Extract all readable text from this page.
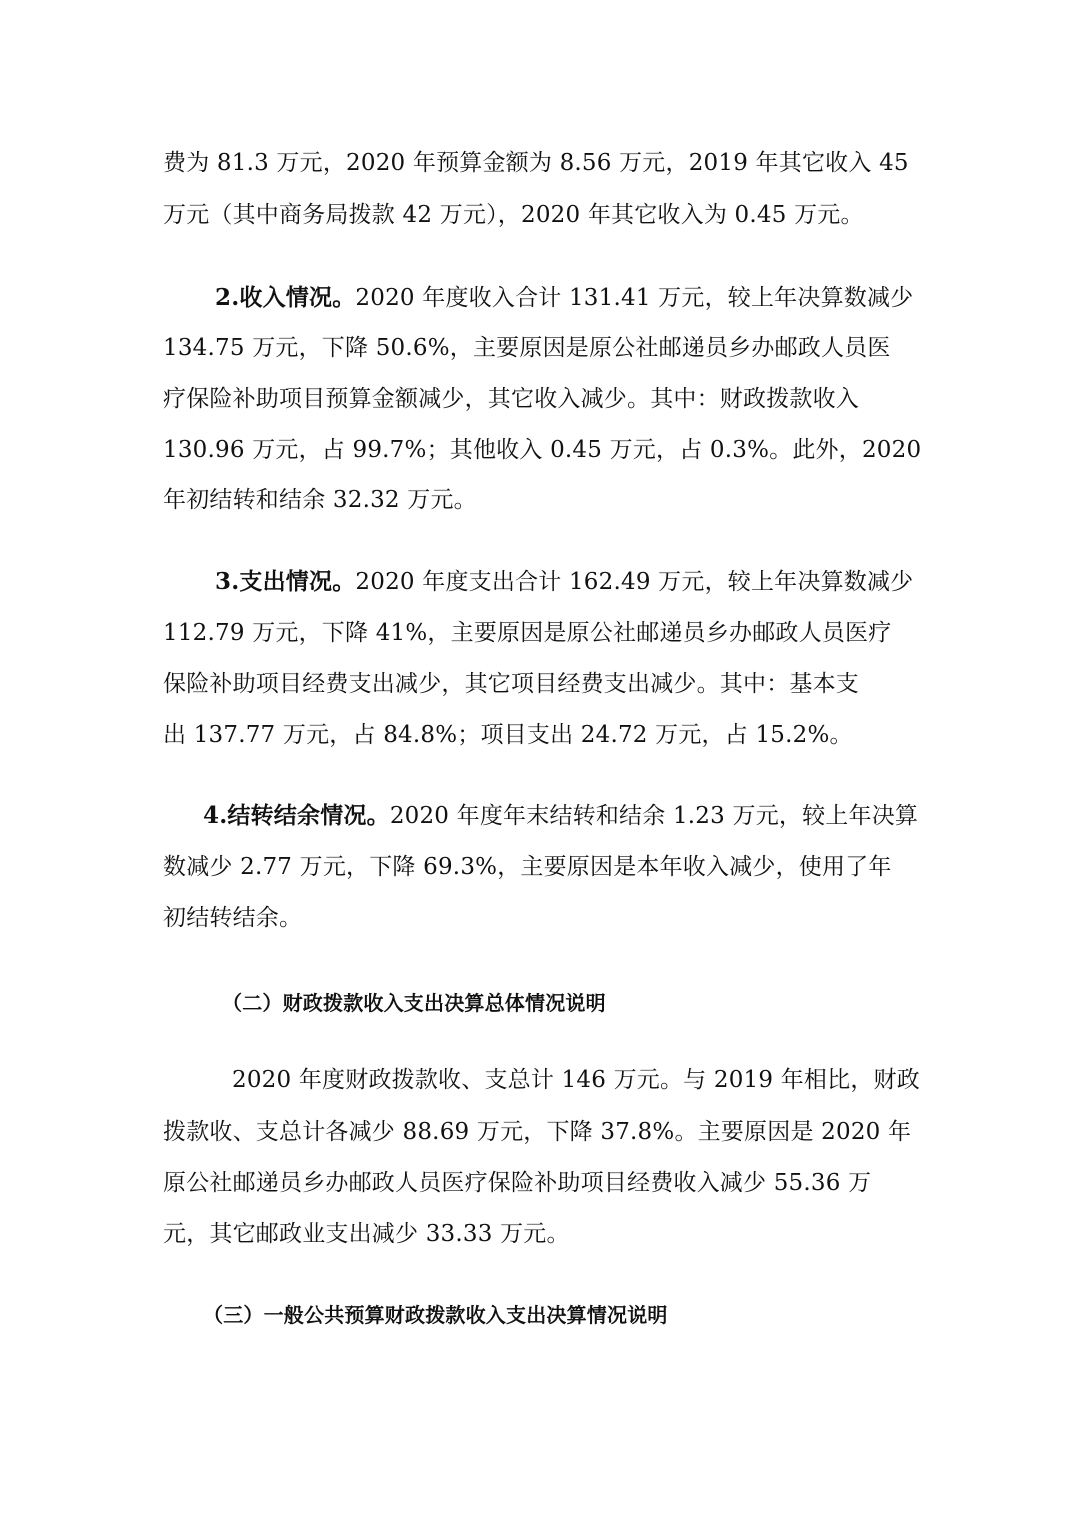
费为 81.3 万元，2020 年预算金额为 8.56 万元，2019 年其它收入 45
万元（其中商务局拨款 42 万元），2020 年其它收入为 0.45 万元。
2.收入情况。2020 年度收入合计 131.41 万元，较上年决算数减少
134.75 万元，下降 50.6%，主要原因是原公社邮递员乡办邮政人员医
疗保险补助项目预算金额减少，其它收入减少。其中：财政拨款收入
130.96 万元，占 99.7%；其他收入 0.45 万元，占 0.3%。此外，2020
年初结转和结余 32.32 万元。
3.支出情况。2020 年度支出合计 162.49 万元，较上年决算数减少
112.79 万元，下降 41%，主要原因是原公社邮递员乡办邮政人员医疗
保险补助项目经费支出减少，其它项目经费支出减少。其中：基本支
出 137.77 万元，占 84.8%；项目支出 24.72 万元，占 15.2%。
4.结转结余情况。2020 年度年末结转和结余 1.23 万元，较上年决算
数减少 2.77 万元，下降 69.3%，主要原因是本年收入减少，使用了年
初结转结余。
（二）财政拨款收入支出决算总体情况说明
2020 年度财政拨款收、支总计 146 万元。与 2019 年相比，财政
拨款收、支总计各减少 88.69 万元，下降 37.8%。主要原因是 2020 年
原公社邮递员乡办邮政人员医疗保险补助项目经费收入减少 55.36 万
元，其它邮政业支出减少 33.33 万元。
（三）一般公共预算财政拨款收入支出决算情况说明
